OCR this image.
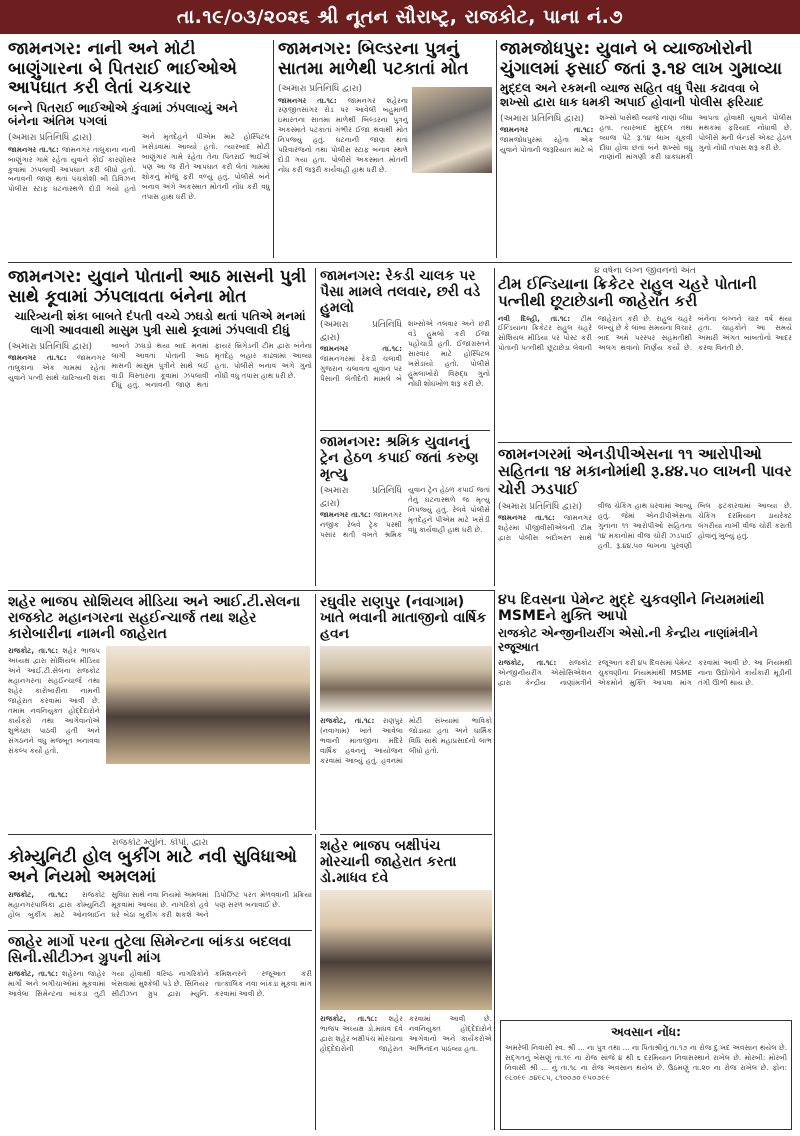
તા.૧૯/૦૩/૨૦૨૬ શ્રી નૂતન સૌરાષ્ટ્ર, રાજકોટ, પાના નં.૭
જામનગર: નાની અને મોટી બાણુંગારના બે પિતરાઈ ભાઈઓએ આપઘાત કરી લેતાં ચકચાર
બન્ને પિતરાઈ ભાઈઓએ કુંવામાં ઝંપલાવ્યું અને બંનેના અંતિમ પગલાં
(અમારા પ્રતિનિધિ દ્વારા)
જામનગર તા.૧૮: જામનગર તાલુકાના નાની બાણુંગાર ગામે રહેતા યુવાને કોઈ કારણોસર કુવામાં ઝંપલાવી આપઘાત કરી લીધો હતો. બનાવની જાણ થતાં પંચકોશી બી ડિવિઝન પોલીસ સ્ટાફ ઘટનાસ્થળે દોડી ગયો હતો અને મૃતદેહને પીએમ માટે હોસ્પિટલ ખસેડવામાં આવ્યો હતો. ત્યારબાદ મોટી બાણુંગાર ગામે રહેતા તેના પિતરાઈ ભાઈએ પણ આ જ રીતે આપઘાત કરી લેતાં ગામમાં શોકનું મોજું ફરી વળ્યું હતું. પોલીસે બંને બનાવ અંગે અકસ્માત મોતની નોંધ કરી વધુ તપાસ હાથ ધરી છે.
જામનગર: બિલ્ડરના પુત્રનું સાતમા માળેથી પટકાતાં મોત
(અમારા પ્રતિનિધિ દ્વારા)
જામનગર તા.૧૮: જામનગર શહેરના રણજીતસાગર રોડ પર આવેલી બહુમાળી ઇમારતના સાતમા માળેથી બિલ્ડરના પુત્રનું અકસ્માતે પટકાતાં ગંભીર ઈજા થવાથી મોત નિપજ્યું હતું. ઘટનાની જાણ થતાં પરિવારજનો તથા પોલીસ સ્ટાફ બનાવ સ્થળે દોડી ગયા હતા. પોલીસે અકસ્માત મોતની નોંધ કરી જરૂરી કાર્યવાહી હાથ ધરી છે.
જામજોધપુર: યુવાને બે વ્યાજખોરોની ચુંગાલમાં ફસાઈ જતાં રૂ.૧૪ લાખ ગુમાવ્યા
મુદ્દલ અને રકમની વ્યાજ સહિત વધુ પૈસા કઢાવવા બે શખ્સો દ્વારા ધાક ધમકી અપાઈ હોવાની પોલીસ ફરિયાદ
(અમારા પ્રતિનિધિ દ્વારા)
જામનગર તા.૧૮: જામજોધપુરમાં રહેતા એક યુવાને પોતાની જરૂરિયાત માટે બે શખ્સો પાસેથી વ્યાજે નાણાં લીધા હતા. ત્યારબાદ મુદ્દલ તથા વ્યાજ પેટે રૂ.૧૪ લાખ ચૂકવી દીધા હોવા છતાં બંને શખ્સો વધુ નાણાંની માંગણી કરી ધાકધમકી આપતા હોવાથી યુવાને પોલીસ મથકમાં ફરિયાદ નોંધાવી છે. પોલીસે મની લેન્ડર્સ એક્ટ હેઠળ ગુનો નોંધી તપાસ શરૂ કરી છે.
જામનગર: યુવાને પોતાની આઠ માસની પુત્રી સાથે કૂવામાં ઝંપલાવતા બંનેના મોત
ચારિત્ર્યની શંકા બાબતે દંપતી વચ્ચે ઝઘડો થતાં પતિએ મનમાં લાગી આવવાથી માસુમ પુત્રી સાથે કૂવામાં ઝંપલાવી દીધું
(અમારા પ્રતિનિધિ દ્વારા)
જામનગર તા.૧૮: જામનગર તાલુકાના એક ગામમાં રહેતા યુવાને પત્ની સાથે ચારિત્ર્યની શંકા બાબતે ઝઘડો થયા બાદ મનમાં લાગી આવતાં પોતાની આઠ માસની માસુમ પુત્રીને સાથે લઈ વાડી વિસ્તારના કૂવામાં ઝંપલાવી દીધું હતું. બનાવની જાણ થતાં ફાયર બ્રિગેડની ટીમ દ્વારા બંનેના મૃતદેહ બહાર કાઢવામાં આવ્યા હતા. પોલીસે બનાવ અંગે ગુનો નોંધી વધુ તપાસ હાથ ધરી છે.
જામનગર: રેકડી ચાલક પર પૈસા મામલે તલવાર, છરી વડે હુમલો
(અમારા પ્રતિનિધિ દ્વારા)
જામનગર તા.૧૮: જામનગરમાં રેકડી ચલાવી ગુજરાન ચલાવતા યુવાન પર પૈસાની લેતીદેતી મામલે બે શખ્સોએ તલવાર અને છરી વડે હુમલો કરી ઈજા પહોંચાડી હતી. ઈજાગ્રસ્તને સારવાર માટે હોસ્પિટલ ખસેડાયો હતો. પોલીસે હુમલાખોરો વિરુદ્ધ ગુનો નોંધી શોધખોળ શરૂ કરી છે.
જામનગર: શ્રમિક યુવાનનું ટ્રેન હેઠળ કપાઈ જતાં કરુણ મૃત્યુ
(અમારા પ્રતિનિધિ દ્વારા)
જામનગર તા.૧૮: જામનગર નજીક રેલવે ટ્રેક પરથી પસાર થતી વખતે શ્રમિક યુવાન ટ્રેન હેઠળ કપાઈ જતાં તેનું ઘટનાસ્થળે જ મૃત્યુ નિપજ્યું હતું. રેલવે પોલીસે મૃતદેહને પીએમ માટે ખસેડી વધુ કાર્યવાહી હાથ ધરી છે.
૪ વર્ષના લગ્ન જીવનનો અંત
ટીમ ઈન્ડિયાના ક્રિકેટર રાહુલ ચહરે પોતાની પત્નીથી છૂટાછેડાની જાહેરાત કરી
નવી દિલ્હી, તા.૧૮: ટીમ ઈન્ડિયાના ક્રિકેટર રાહુલ ચહરે સોશિયલ મીડિયા પર પોસ્ટ કરી પોતાની પત્નીથી છૂટાછેડા લેવાની જાહેરાત કરી છે. રાહુલ ચહરે લખ્યું છે કે લાંબા સમયના વિચાર બાદ અમે પરસ્પર સહમતીથી અલગ થવાનો નિર્ણય કર્યો છે. બંનેના લગ્નને ચાર વર્ષ થયા હતા. ચાહકોને આ સમયે અમારી અંગત બાબતોનો આદર કરવા વિનંતી છે.
જામનગરમાં એનડીપીએસના ૧૧ આરોપીઓ સહિતના ૧૪ મકાનોમાંથી રૂ.૪૪.૫૦ લાખની પાવર ચોરી ઝડપાઈ
(અમારા પ્રતિનિધિ દ્વારા)
જામનગર તા.૧૮: જામનગર શહેરમાં પીજીવીસીએલની ટીમ દ્વારા પોલીસ બંદોબસ્ત સાથે વીજ ચેકિંગ હાથ ધરવામાં આવ્યું હતું. જેમાં એનડીપીએસના ગુનાના ૧૧ આરોપીઓ સહિતના ૧૪ મકાનોમાં વીજ ચોરી ઝડપાઈ હતી. રૂ.૪૪.૫૦ લાખના પુરવણી બિલ ફટકારવામાં આવ્યા છે. ચેકિંગ દરમિયાન ડાયરેક્ટ લંગરીયા નાખી વીજ ચોરી કરાતી હોવાનું ખુલ્યું હતું.
શહેર ભાજપ સોશિયલ મીડિયા અને આઈ.ટી.સેલના રાજકોટ મહાનગરના સહઈન્ચાર્જ તથા શહેર કારોબારીના નામની જાહેરાત
રાજકોટ, તા.૧૮: શહેર ભાજપ અધ્યક્ષ દ્વારા સોશિયલ મીડિયા અને આઈ.ટી.સેલના રાજકોટ મહાનગરના સહઈન્ચાર્જ તથા શહેર કારોબારીના નામની જાહેરાત કરવામાં આવી છે. તમામ નવનિયુક્ત હોદ્દેદારોને કાર્યકરો તથા આગેવાનોએ શુભેચ્છા પાઠવી હતી અને સંગઠનને વધુ મજબૂત બનાવવા સંકલ્પ કર્યો હતો.
રઘુવીર રાણપુર (નવાગામ) ખાતે ભવાની માતાજીનો વાર્ષિક હવન
રાજકોટ, તા.૧૮: રાણપુર (નવાગામ) ખાતે આવેલા ભવાની માતાજીના મંદિરે વાર્ષિક હવનનું આયોજન કરવામાં આવ્યું હતું. હવનમાં મોટી સંખ્યામાં ભાવિકો જોડાયા હતા અને ધાર્મિક વિધિ સાથે મહાપ્રસાદનો લાભ લીધો હતો.
૪૫ દિવસના પેમેન્ટ મુદ્દે ચુકવણીને નિયમમાંથી MSMEને મુક્તિ આપો
રાજકોટ એન્જીનીયરીંગ એસો.ની કેન્દ્રીય નાણાંમંત્રીને રજૂઆત
રાજકોટ, તા.૧૮: રાજકોટ એન્જીનીયરીંગ એસોસિએશન દ્વારા કેન્દ્રીય નાણાંમંત્રીને રજૂઆત કરી ૪૫ દિવસમાં પેમેન્ટ ચુકવણીના નિયમમાંથી MSME એકમોને મુક્તિ આપવા માંગ કરવામાં આવી છે. આ નિયમથી નાના ઉદ્યોગોને કાર્યકારી મૂડીની તંગી ઊભી થાય છે.
અવસાન નોંધ:
અમરેલી નિવાસી સ્વ. શ્રી ... ના પુત્ર તથા ... ના પિતાશ્રીનું તા.૧૭ ના રોજ દુઃખદ અવસાન થયેલ છે. સદ્ગતનું બેસણું તા.૧૯ ના રોજ સાંજે ૪ થી ૬ દરમિયાન નિવાસસ્થાને રાખેલ છે. મોરબી: મોરબી નિવાસી શ્રી ... નું તા.૧૮ ના રોજ અવસાન થયેલ છે. ઉઠમણું તા.૨૦ ના રોજ રાખેલ છે. ફોન: ૯૮૦૯૯ ૭૪૯૮૫, ૮૧૦૦૭૦ ૯૫૦૭૯૯
રાજકોટ મ્યુનિ. કોર્પો. દ્વારા
કોમ્યુનિટી હોલ બુકીંગ માટે નવી સુવિધાઓ અને નિયમો અમલમાં
રાજકોટ, તા.૧૮: રાજકોટ મહાનગરપાલિકા દ્વારા કોમ્યુનિટી હોલ બુકીંગ માટે ઓનલાઈન સુવિધા સાથે નવા નિયમો અમલમાં મૂકવામાં આવ્યા છે. નાગરિકો હવે ઘરે બેઠા બુકીંગ કરી શકશે અને ડિપોઝિટ પરત મેળવવાની પ્રક્રિયા પણ સરળ બનાવાઈ છે.
જાહેર માર્ગો પરના તુટેલા સિમેન્ટના બાંકડા બદલવા સિની.સીટીઝન ગ્રુપની માંગ
રાજકોટ, તા.૧૮: શહેરના જાહેર માર્ગો અને બગીચાઓમાં મૂકવામાં આવેલા સિમેન્ટના બાંકડા તુટી ગયા હોવાથી વરિષ્ઠ નાગરિકોને બેસવામાં મુશ્કેલી પડે છે. સિનિયર સીટીઝન ગ્રુપ દ્વારા મ્યુનિ. કમિશનરને રજૂઆત કરી તાત્કાલિક નવા બાંકડા મૂકવા માંગ કરવામાં આવી છે.
શહેર ભાજપ બક્ષીપંચ મોરચાની જાહેરાત કરતા ડો.માધવ દવે
રાજકોટ, તા.૧૮: શહેર ભાજપ અધ્યક્ષ ડો.માધવ દવે દ્વારા શહેર બક્ષીપંચ મોરચાના હોદ્દેદારોની જાહેરાત કરવામાં આવી છે. નવનિયુક્ત હોદ્દેદારોને આગેવાનો અને કાર્યકરોએ અભિનંદન પાઠવ્યા હતા.
